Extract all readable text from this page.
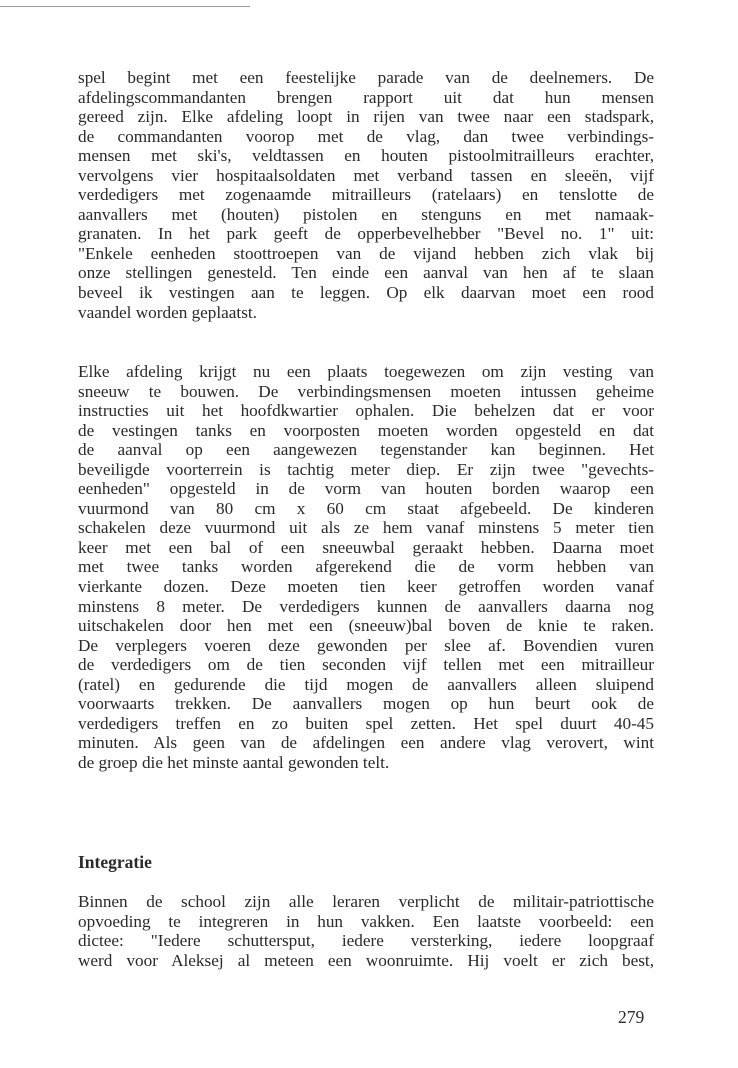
spel begint met een feestelijke parade van de deelnemers. De
afdelingscommandanten brengen rapport uit dat hun mensen
gereed zijn. Elke afdeling loopt in rijen van twee naar een stadspark,
de commandanten voorop met de vlag, dan twee verbindings-
mensen met ski's, veldtassen en houten pistoolmitrailleurs erachter,
vervolgens vier hospitaalsoldaten met verband tassen en sleeën, vijf
verdedigers met zogenaamde mitrailleurs (ratelaars) en tenslotte de
aanvallers met (houten) pistolen en stenguns en met namaak-
granaten. In het park geeft de opperbevelhebber "Bevel no. 1" uit:
"Enkele eenheden stoottroepen van de vijand hebben zich vlak bij
onze stellingen genesteld. Ten einde een aanval van hen af te slaan
beveel ik vestingen aan te leggen. Op elk daarvan moet een rood
vaandel worden geplaatst.
Elke afdeling krijgt nu een plaats toegewezen om zijn vesting van
sneeuw te bouwen. De verbindingsmensen moeten intussen geheime
instructies uit het hoofdkwartier ophalen. Die behelzen dat er voor
de vestingen tanks en voorposten moeten worden opgesteld en dat
de aanval op een aangewezen tegenstander kan beginnen. Het
beveiligde voorterrein is tachtig meter diep. Er zijn twee "gevechts-
eenheden" opgesteld in de vorm van houten borden waarop een
vuurmond van 80 cm x 60 cm staat afgebeeld. De kinderen
schakelen deze vuurmond uit als ze hem vanaf minstens 5 meter tien
keer met een bal of een sneeuwbal geraakt hebben. Daarna moet
met twee tanks worden afgerekend die de vorm hebben van
vierkante dozen. Deze moeten tien keer getroffen worden vanaf
minstens 8 meter. De verdedigers kunnen de aanvallers daarna nog
uitschakelen door hen met een (sneeuw)bal boven de knie te raken.
De verplegers voeren deze gewonden per slee af. Bovendien vuren
de verdedigers om de tien seconden vijf tellen met een mitrailleur
(ratel) en gedurende die tijd mogen de aanvallers alleen sluipend
voorwaarts trekken. De aanvallers mogen op hun beurt ook de
verdedigers treffen en zo buiten spel zetten. Het spel duurt 40-45
minuten. Als geen van de afdelingen een andere vlag verovert, wint
de groep die het minste aantal gewonden telt.
Integratie
Binnen de school zijn alle leraren verplicht de militair-patriottische
opvoeding te integreren in hun vakken. Een laatste voorbeeld: een
dictee: "Iedere schuttersput, iedere versterking, iedere loopgraaf
werd voor Aleksej al meteen een woonruimte. Hij voelt er zich best,
279
